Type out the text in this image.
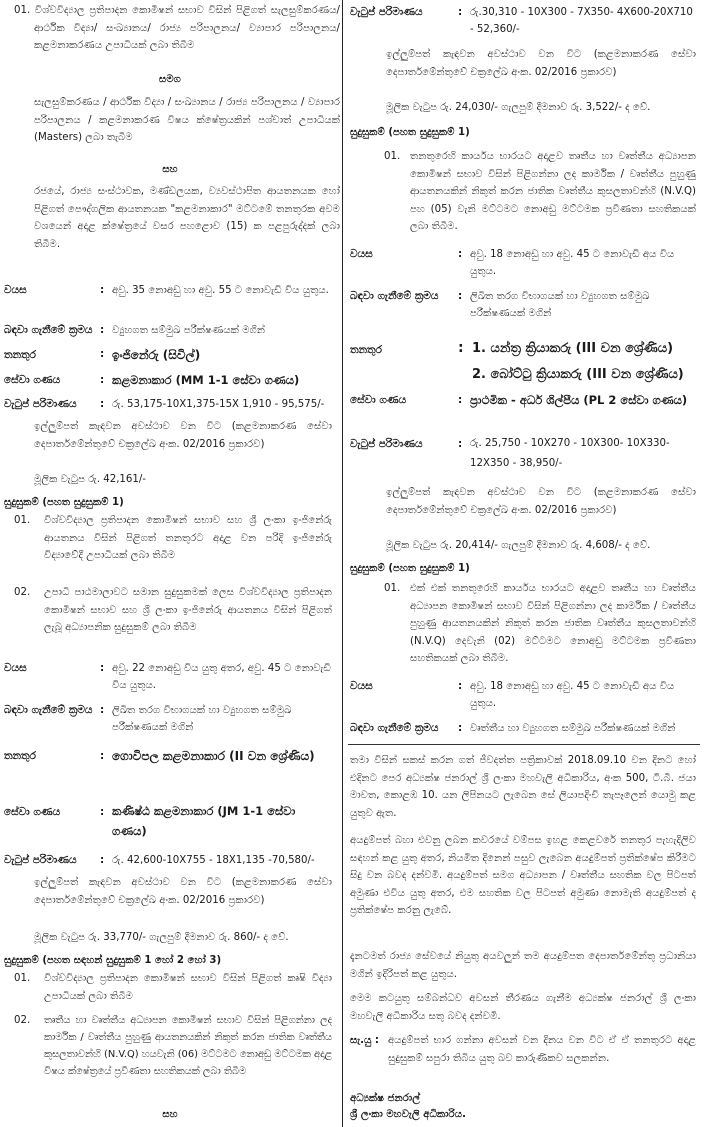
01. විශ්වවිද්‍යාල ප්‍රතිපාදන කොමිෂන් සභාව විසින් පිළිගත් සැලසුම්කරණය/ ආර්ථික විද්‍යා/ සංඛ්‍යානය/ රාජ්‍ය පරිපාලනය/ ව්‍යාපාර පරිපාලනය/ කළමනාකරණය උපාධියක් ලබා තිබීම

සමග

සැලසුම්කරණය / ආර්ථික විද්‍යා / සංඛ්‍යානය / රාජ්‍ය පරිපාලනය / ව්‍යාපාර පරිපාලනය / කළමනාකරණ විෂය ක්ෂේත්‍රයකින් පශ්චාත් උපාධියක් (Masters) ලබා තැබීම

සහ

රජයේ, රාජ්‍ය සංස්ථාවක, මණ්ඩලයක, ව්‍යවස්ථාපිත ආයතනයක හෝ පිළිගත් පෞද්ගලික ආයතනයක "කළමනාකාර" මට්ටමේ තනතුරක අවම වශයෙන් අදාළ ක්ෂේත්‍රයේ වසර පහළොව (15) ක පළපුරුද්දක් ලබා තිබීම.

වයස	: අවු. 35 නොඅඩු හා අවු. 55 ට නොවැඩි විය යුතුය.
බඳවා ගැනීමේ ක්‍රමය : ව්‍යුහගත සම්මුඛ පරීක්ෂණයක් මගින්
තනතුර	: ඉංජිනේරු (සිවිල්)
සේවා ගණය	: කළමනාකාර (MM 1-1 සේවා ගණය)
වැටුප් පරිමාණය : රු. 53,175-10X1,375-15X 1,910 - 95,575/-
ඉල්ලුම්පත් කැඳවන අවස්ථාව වන විට (කළමනාකරණ සේවා දෙපාර්තමේන්තුවේ චක්‍රලේඛ අංක. 02/2016 ප්‍රකාරව)
මූලික වැටුප රු. 42,161/-

සුදුසුකම් (පහත සුදුසුකම් 1)

01. විශ්වවිද්‍යාල ප්‍රතිපාදන කොමිෂන් සභාව සහ ශ්‍රී ලංකා ඉංජිනේරු ආයතනය විසින් පිළිගත් තනතුරට අදාළ වන පරිදි ඉංජිනේරු විද්‍යාවේදී උපාධියක් ලබා තිබීම
02. උපාධි පාඨමාලාවට සමාන සුදුසුකමක් ලෙස විශ්වවිද්‍යාල ප්‍රතිපාදන කොමිෂන් සභාව සහ ශ්‍රී ලංකා ඉංජිනේරු ආයතනය විසින් පිළිගත් ලැබූ අධ්‍යාපනික සුදුසුකම් ලබා තිබීම
වයස	: අවු. 22 නොඅඩු විය යුතු අතර, අවු. 45 ට නොවැඩි විය යුතුය.
බඳවා ගැනීමේ ක්‍රමය : ලිඛිත තරග විභාගයක් හා ව්‍යුහගත සම්මුඛ පරීක්ෂණයක් මගින්
තනතුර	: ගොවිපල කළමනාකාර (II වන ශ්‍රේණිය)
සේවා ගණය	: කණිෂ්ඨ කළමනාකාර (JM 1-1 සේවා ගණය)
වැටුප් පරිමාණය : රු. 42,600-10X755 - 18X1,135 -70,580/-
ඉල්ලුම්පත් කැඳවන අවස්ථාව වන විට (කළමනාකරණ සේවා දෙපාර්තමේන්තුවේ චක්‍රලේඛ අංක. 02/2016 ප්‍රකාරව)
මූලික වැටුප රු. 33,770/- ගැලපුම් දීමනාව රු. 860/- ද වේ.

සුදුසුකම් (පහත සඳහන් සුදුසුකම් 1 හෝ 2 හෝ 3)

01. විශ්වවිද්‍යාල ප්‍රතිපාදන කොමිෂන් සභාව විසින් පිළිගත් කෘෂි විද්‍යා උපාධියක් ලබා තිබීම
02. තෘතීය හා වෘත්තීය අධ්‍යාපන කොමිෂන් සභාව විසින් පිළිගන්නා ලද කාර්මික / වෘත්තීය පුහුණු ආයතනයකින් නිකුත් කරන ජාතික වෘත්තීය කුසලතාවන්හි (N.V.Q) හයවැනි (06) මට්ටමට නොඅඩු මට්ටමක අදාළ විෂය ක්ෂේත්‍රයේ ප්‍රවීණතා සහතිකයක් ලබා තිබීම

සහ

වැටුප් පරිමාණය	: රු.30,310 - 10X300 - 7X350- 4X600-20X710 - 52,360/-
ඉල්ලුම්පත් කැඳවන අවස්ථාව වන විට (කළමනාකරණ සේවා දෙපාර්තමේන්තුවේ චක්‍රලේඛ අංක. 02/2016 ප්‍රකාරව)
මූලික වැටුප රු. 24,030/- ගැලපුම් දීමනාව රු. 3,522/- ද වේ.

සුදුසුකම් (පහත සුදුසුකම් 1)

01. තනතුරෙහි කාර්යය භාරයට අදාළව තෘතීය හා වෘත්තීය අධ්‍යාපන කොමිෂන් සභාව විසින් පිළිගන්නා ලද කාර්මික / වෘත්තීය පුහුණු ආයතනයකින් නිකුත් කරන ජාතික වෘත්තීය කුසලතාවන්හි (N.V.Q) පහ (05) වැනි මට්ටමට නොඅඩු මට්ටමක ප්‍රවීණතා සහතිකයක් ලබා තිබීම.
වයස	: අවු. 18 නොඅඩු හා අවු. 45 ට නොවැඩි අය විය යුතුය.
බඳවා ගැනීමේ ක්‍රමය : ලිඛිත තරග විභාගයක් හා ව්‍යුහගත සම්මුඛ පරීක්ෂණයක් මගින්
තනතුර	: 1. යන්ත්‍ර ක්‍රියාකරු (III වන ශ්‍රේණිය)
2. බෝට්ටු ක්‍රියාකරු (III වන ශ්‍රේණිය)
සේවා ගණය	: ප්‍රාථමික - අර්ධ ශිල්පීය (PL 2 සේවා ගණය)
වැටුප් පරිමාණය	: රු. 25,750 - 10X270 - 10X300- 10X330- 12X350 - 38,950/-
ඉල්ලුම්පත් කැඳවන අවස්ථාව වන විට (කළමනාකරණ සේවා දෙපාර්තමේන්තුවේ චක්‍රලේඛ අංක. 02/2016 ප්‍රකාරව)
මූලික වැටුප රු. 20,414/- ගැලපුම් දීමනාව රු. 4,608/- ද වේ.

සුදුසුකම් (පහත සුදුසුකම් 1)

01. එක් එක් තනතුරෙහි කාර්යය භාරයට අදාළව තෘතීය හා වෘත්තීය අධ්‍යාපන කොමිෂන් සභාව විසින් පිළිගන්නා ලද කාර්මික / වෘත්තීය පුහුණු ආයතනයකින් නිකුත් කරන ජාතික වෘත්තීය කුසලතාවන්හි (N.V.Q) දෙවැනි (02) මට්ටමට නොඅඩු මට්ටමක ප්‍රවීණතා සහතිකයක් ලබා තිබීම.
වයස	: අවු. 18 නොඅඩු හා අවු. 45 ට නොවැඩි අය විය යුතුය.
බඳවා ගැනීමේ ක්‍රමය : වෘත්තීය හා ව්‍යුහගත සම්මුඛ පරීක්ෂණයක් මගින්

තමා විසින් සකස් කරන ගත් ජීවදත්ත පත්‍රිකාවක් 2018.09.10 වන දිනට හෝ එදිනට පෙර අධ්‍යක්ෂ ජනරාල් ශ්‍රී ලංකා මහවැලි අධිකාරිය, අංක 500, ටී.බී. ජයා මාවත, කොළඹ 10. යන ලිපිනයට ලැබෙන සේ ලියාපදිංචි තැපෑලෙන් යොමු කළ යුතුව ඇත.

අයදුම්පත් බහා එවනු ලබන කවරයේ වම්පස ඉහළ කෙළවරේ තනතුර පැහැදිලිව සඳහන් කළ යුතු අතර, නියමිත දිනෙන් පසුව ලැබෙන අයදුම්පත් ප්‍රතික්ෂේප කිරීමට සිදු වන බවද දන්වමි. අයදුම්පත් සමග අධ්‍යාපන / වෘත්තීය සහතික වල පිටපත් අමුණා එවිය යුතු අතර, එම සහතික වල පිටපත් අමුණා නොමැති අයදුම්පත් ද ප්‍රතික්ෂේප කරනු ලැබේ.

දැනටමත් රාජ්‍ය සේවයේ නියුතු අයවලුන් තම අයදුම්පත දෙපාර්තමේන්තු ප්‍රධානියා මගින් ඉදිරිපත් කළ යුතුය.

මෙම කටයුතු සම්බන්ධව අවසන් තීරණය ගැනීම අධ්‍යක්ෂ ජනරාල් ශ්‍රී ලංකා මහවැලි අධිකාරිය සතු බවද දන්වමි.

සැ.යු : අයදුම්පත් භාර ගන්නා අවසන් වන දිනය වන විට ඒ ඒ තනතුරට අදාළ සුදුසුකම් සපුරා තිබිය යුතු බව කාරුණිකව සලකන්න.

අධ්‍යක්ෂ ජනරාල්

ශ්‍රී ලංකා මහවැලි අධිකාරිය.
